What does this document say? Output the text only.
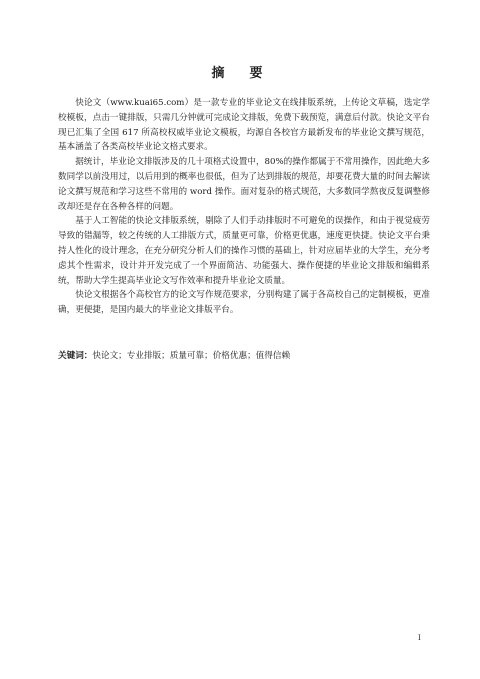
摘　要

快论文（www.kuai65.com）是一款专业的毕业论文在线排版系统，上传论文草稿，选定学校模板，点击一键排版，只需几分钟就可完成论文排版，免费下载预览，满意后付款。快论文平台现已汇集了全国 617 所高校权威毕业论文模板，均源自各校官方最新发布的毕业论文撰写规范，基本涵盖了各类高校毕业论文格式要求。

据统计，毕业论文排版涉及的几十项格式设置中，80%的操作都属于不常用操作，因此绝大多数同学以前没用过，以后用到的概率也很低，但为了达到排版的规范，却要花费大量的时间去解读论文撰写规范和学习这些不常用的 word 操作。面对复杂的格式规范，大多数同学熬夜反复调整修改却还是存在各种各样的问题。

基于人工智能的快论文排版系统，剔除了人们手动排版时不可避免的误操作，和由于视觉疲劳导致的错漏等，较之传统的人工排版方式，质量更可靠，价格更优惠，速度更快捷。快论文平台秉持人性化的设计理念，在充分研究分析人们的操作习惯的基础上，针对应届毕业的大学生，充分考虑其个性需求，设计并开发完成了一个界面简洁、功能强大、操作便捷的毕业论文排版和编辑系统，帮助大学生提高毕业论文写作效率和提升毕业论文质量。

快论文根据各个高校官方的论文写作规范要求，分别构建了属于各高校自己的定制模板，更准确，更便捷，是国内最大的毕业论文排版平台。

关键词：快论文；专业排版；质量可靠；价格优惠；值得信赖
I
